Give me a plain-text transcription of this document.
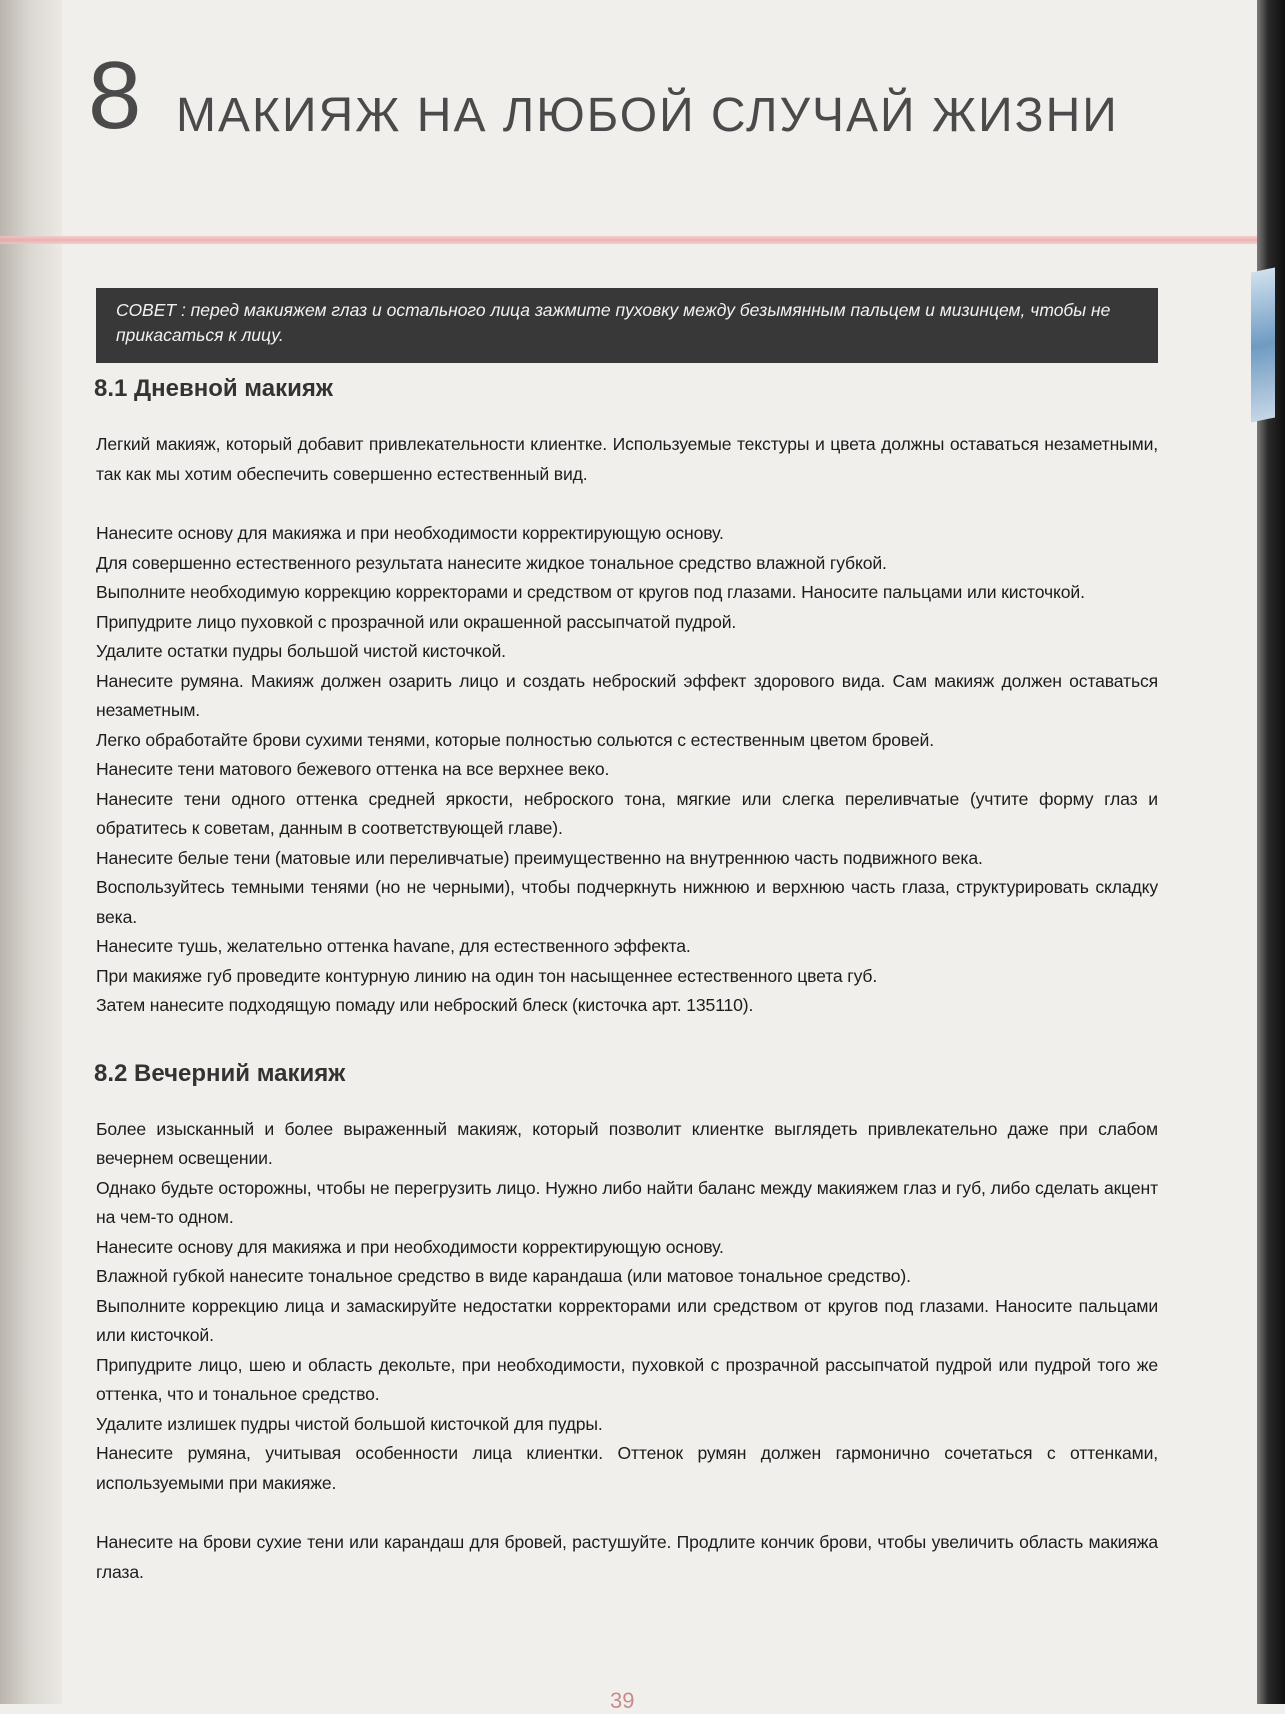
8 МАКИЯЖ НА ЛЮБОЙ СЛУЧАЙ ЖИЗНИ
СОВЕТ : перед макияжем глаз и остального лица зажмите пуховку между безымянным пальцем и мизинцем, чтобы не прикасаться к лицу.
8.1 Дневной макияж

Легкий макияж, который добавит привлекательности клиентке. Используемые текстуры и цвета должны оставаться незаметными, так как мы хотим обеспечить совершенно естественный вид.

Нанесите основу для макияжа и при необходимости корректирующую основу.

Для совершенно естественного результата нанесите жидкое тональное средство влажной губкой.

Выполните необходимую коррекцию корректорами и средством от кругов под глазами. Наносите пальцами или кисточкой.

Припудрите лицо пуховкой с прозрачной или окрашенной рассыпчатой пудрой.

Удалите остатки пудры большой чистой кисточкой.

Нанесите румяна. Макияж должен озарить лицо и создать неброский эффект здорового вида. Сам макияж должен оставаться незаметным.

Легко обработайте брови сухими тенями, которые полностью сольются с естественным цветом бровей.

Нанесите тени матового бежевого оттенка на все верхнее веко.

Нанесите тени одного оттенка средней яркости, неброского тона, мягкие или слегка переливчатые (учтите форму глаз и обратитесь к советам, данным в соответствующей главе).

Нанесите белые тени (матовые или переливчатые) преимущественно на внутреннюю часть подвижного века.

Воспользуйтесь темными тенями (но не черными), чтобы подчеркнуть нижнюю и верхнюю часть глаза, структурировать складку века.

Нанесите тушь, желательно оттенка havane, для естественного эффекта.

При макияже губ проведите контурную линию на один тон насыщеннее естественного цвета губ.

Затем нанесите подходящую помаду или неброский блеск (кисточка арт. 135110).

8.2 Вечерний макияж

Более изысканный и более выраженный макияж, который позволит клиентке выглядеть привлекательно даже при слабом вечернем освещении.

Однако будьте осторожны, чтобы не перегрузить лицо. Нужно либо найти баланс между макияжем глаз и губ, либо сделать акцент на чем-то одном.

Нанесите основу для макияжа и при необходимости корректирующую основу.

Влажной губкой нанесите тональное средство в виде карандаша (или матовое тональное средство).

Выполните коррекцию лица и замаскируйте недостатки корректорами или средством от кругов под глазами. Наносите пальцами или кисточкой.

Припудрите лицо, шею и область декольте, при необходимости, пуховкой с прозрачной рассыпчатой пудрой или пудрой того же оттенка, что и тональное средство.

Удалите излишек пудры чистой большой кисточкой для пудры.

Нанесите румяна, учитывая особенности лица клиентки. Оттенок румян должен гармонично сочетаться с оттенками, используемыми при макияже.

Нанесите на брови сухие тени или карандаш для бровей, растушуйте. Продлите кончик брови, чтобы увеличить область макияжа глаза.

39
